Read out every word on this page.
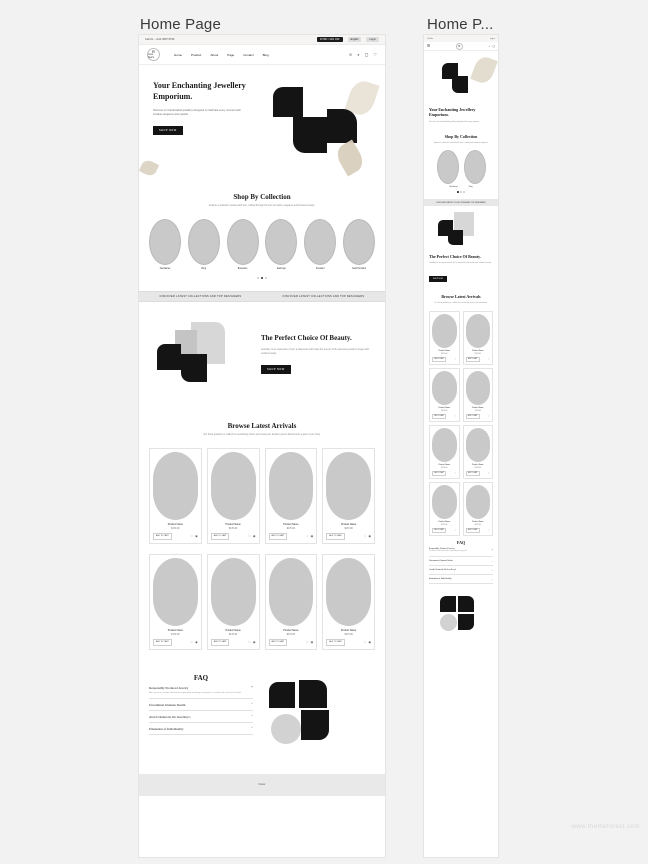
Home Page	Home P...
Call Us : +123 4567 8790	INTRO / 10% OFF	English	Log in
R
Glow Spark
Home	Product	About	Page	Contact	Blog	☉ ⌕ ▢ ♡
Your Enchanting Jewellery Emporium.

Discover our handcrafted jewellery designed to celebrate every moment with timeless elegance and sparkle.

SHOP NOW
Shop By Collection

Explore a collection curated with love, crafted through the lens of modern elegance and timeless beauty.

Necklaces	Ring	Bracelets	Earrings	Pendant	Gold Pendant
DISCOVER LATEST COLLECTIONS AND TOP DESIGNERS	DISCOVER LATEST COLLECTIONS AND TOP DESIGNERS
The Perfect Choice Of Beauty.

Jewellery is an expression of self, a statement craft made the true art of the premium jewellery ranges with endless beauty.

SHOP NOW
Browse Latest Arrivals

Our finest jewellery is crafted for everlasting charm and movement. Explore pieces that become a part of your story.

Product Name
$170.00
ADD TO CART	♡ ◉
Product Name
$170.00
ADD TO CART	♡ ◉
Product Name
$170.00
ADD TO CART	♡ ◉
Product Name
$170.00
ADD TO CART	♡ ◉
Product Name
$170.00
ADD TO CART	♡ ◉
Product Name
$170.00
ADD TO CART	♡ ◉
Product Name
$170.00
ADD TO CART	♡ ◉
Product Name
$170.00
ADD TO CART	♡ ◉
FAQ
Responsibly Produced Jewelry
We source our stones and metals responsibly, ensuring every piece is crafted with care for the earth.
+
Uncommon Glamour Realm	−
Avoid Chemicals On Jewellery's	−
Emanation of Individuality	−
Footer
Call Us	Log in
☰	R	⌕ ▢
Your Enchanting Jewellery Emporium.

Discover our handcrafted jewellery designed for every moment.

Shop By Collection

Explore a collection curated with love, crafted with modern elegance.

Necklaces	Ring
DISCOVER LATEST COLLECTIONS AND TOP DESIGNERS
The Perfect Choice Of Beauty.

Jewellery is an expression of self, a statement craft made with endless beauty.

SHOP NOW
Browse Latest Arrivals

Our finest jewellery is crafted for everlasting charm and movement.

Product Name
$170.00
ADD TO CART	♡
Product Name
$170.00
ADD TO CART	♡
Product Name
$170.00
ADD TO CART	♡
Product Name
$170.00
ADD TO CART	♡
Product Name
$170.00
ADD TO CART	♡
Product Name
$170.00
ADD TO CART	♡
Product Name
$170.00
ADD TO CART	♡
Product Name
$170.00
ADD TO CART	♡
FAQ
Responsibly Produced Jewelry
We source stones and metals responsibly for every piece.
+
Uncommon Glamour Realm	−
Avoid Chemicals On Jewellery's	−
Emanation of Individuality	−
www.themeforest.com
